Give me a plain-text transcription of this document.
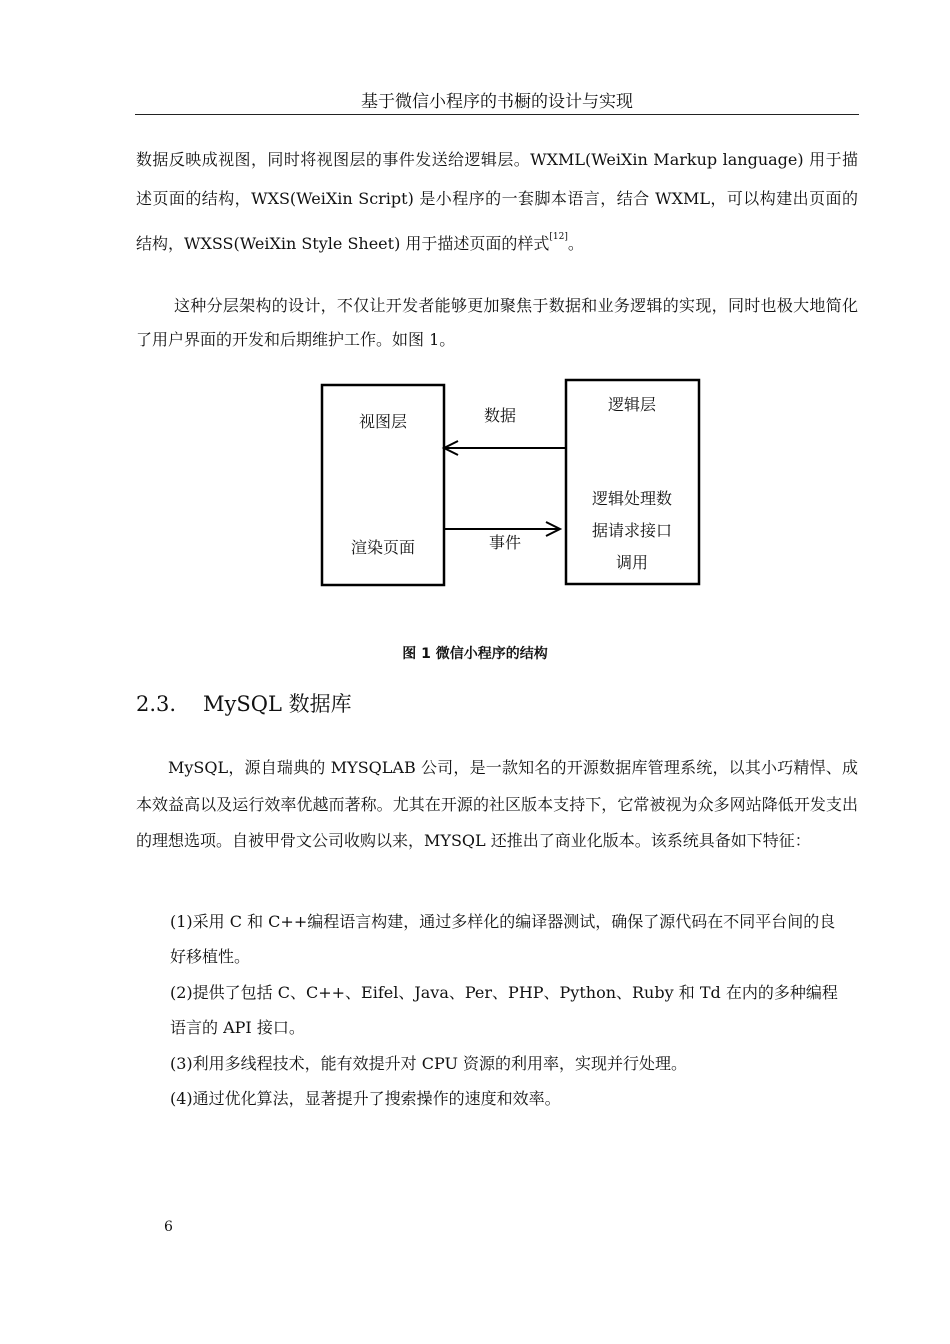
基于微信小程序的书橱的设计与实现

数据反映成视图，同时将视图层的事件发送给逻辑层。WXML(WeiXin Markup language) 用于描述页面的结构，WXS(WeiXin Script) 是小程序的一套脚本语言，结合 WXML，可以构建出页面的结构，WXSS(WeiXin Style Sheet) 用于描述页面的样式[12]。

这种分层架构的设计，不仅让开发者能够更加聚焦于数据和业务逻辑的实现，同时也极大地简化了用户界面的开发和后期维护工作。如图 1。

视图层
渲染页面
逻辑层
逻辑处理数
据请求接口
调用
数据
事件
图 1 微信小程序的结构
2.3. MySQL 数据库

MySQL，源自瑞典的 MYSQLAB 公司，是一款知名的开源数据库管理系统，以其小巧精悍、成本效益高以及运行效率优越而著称。尤其在开源的社区版本支持下，它常被视为众多网站降低开发支出的理想选项。自被甲骨文公司收购以来，MYSQL 还推出了商业化版本。该系统具备如下特征：

(1)采用 C 和 C++编程语言构建，通过多样化的编译器测试，确保了源代码在不同平台间的良好移植性。
(2)提供了包括 C、C++、Eifel、Java、Per、PHP、Python、Ruby 和 Td 在内的多种编程语言的 API 接口。
(3)利用多线程技术，能有效提升对 CPU 资源的利用率，实现并行处理。
(4)通过优化算法，显著提升了搜索操作的速度和效率。
6
